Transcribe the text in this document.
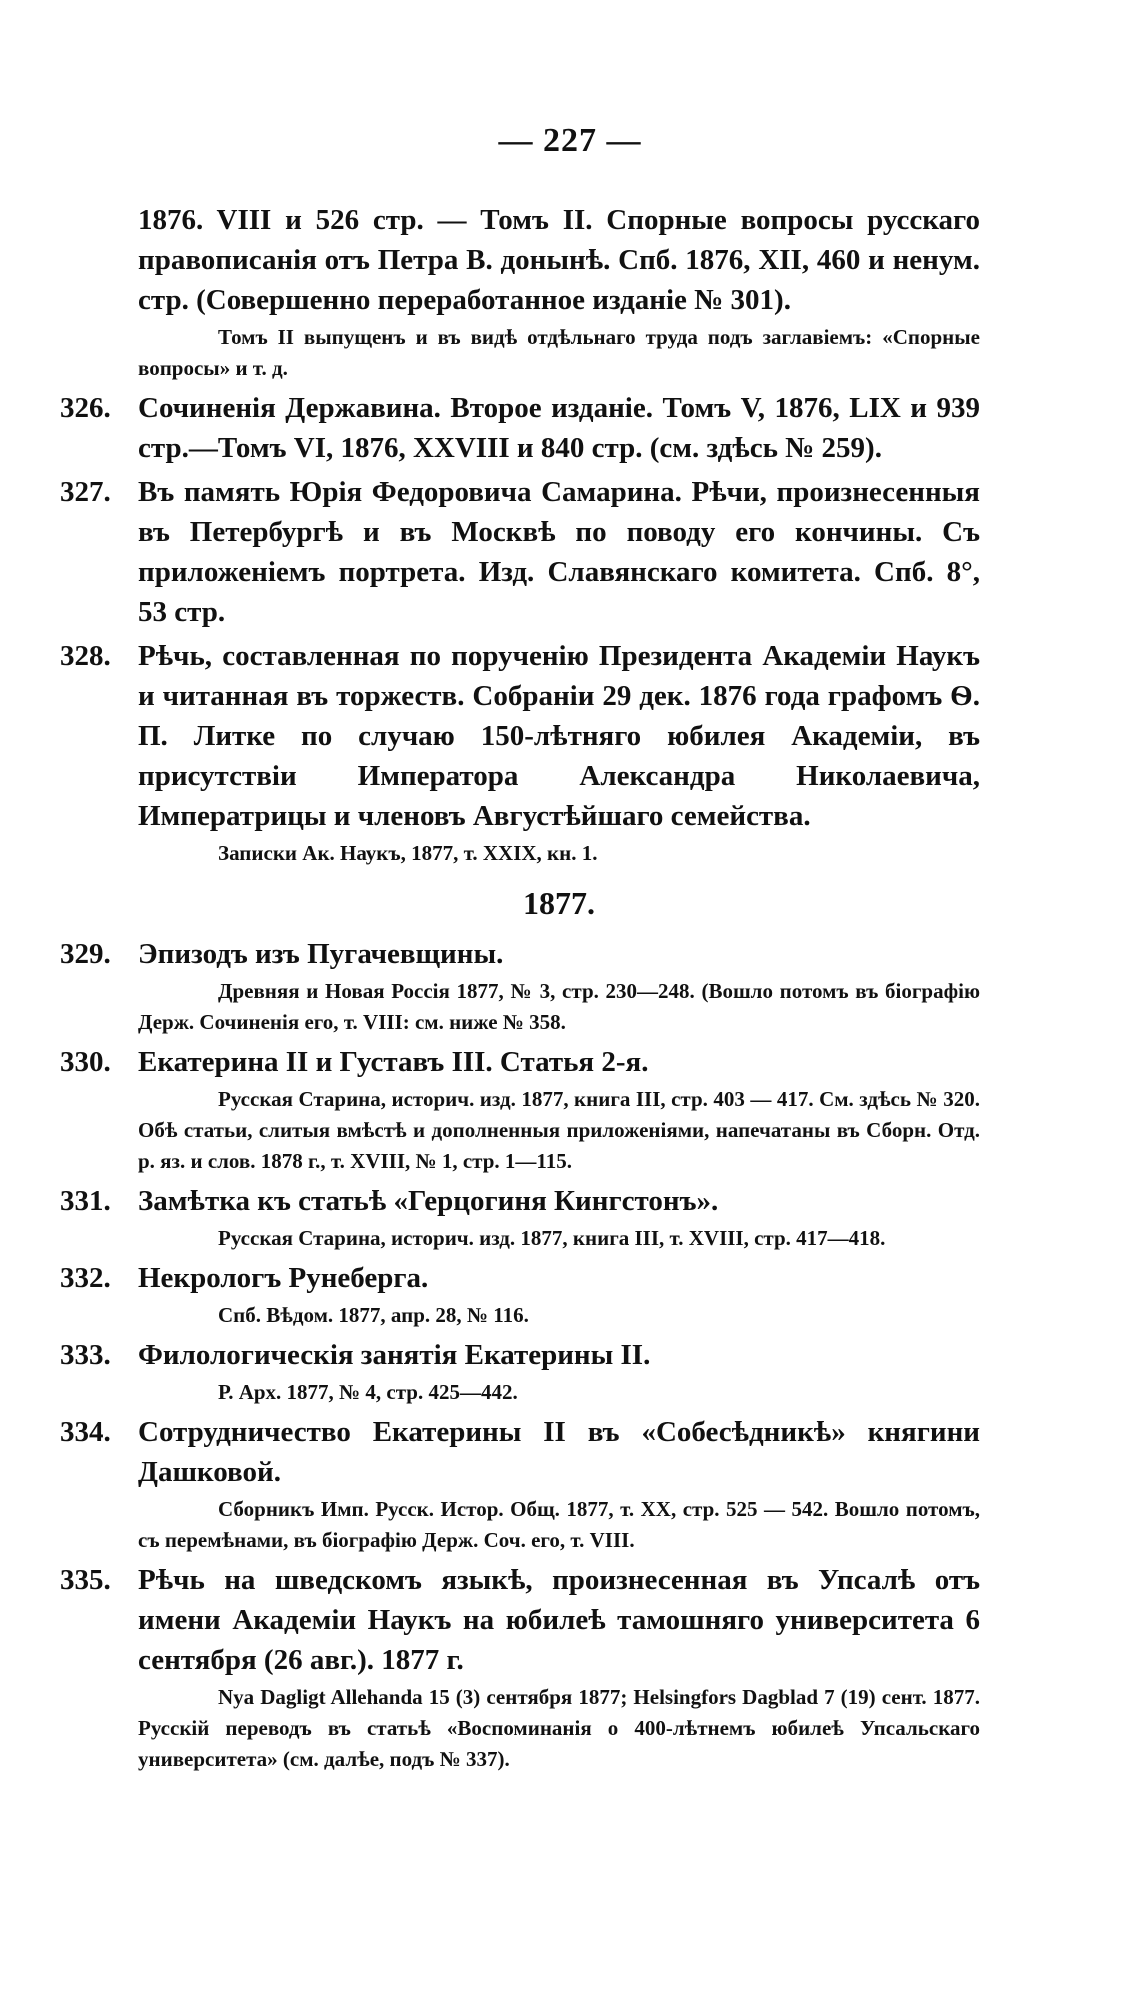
— 227 —
1876. VIII и 526 стр. — Томъ II. Спорные вопросы русскаго правописанія отъ Петра В. донынѣ. Спб. 1876, XII, 460 и ненум. стр. (Совершенно переработанное изданіе № 301).
Томъ II выпущенъ и въ видѣ отдѣльнаго труда подъ заглавіемъ: «Спорные вопросы» и т. д.
326. Сочиненія Державина. Второе изданіе. Томъ V, 1876, LIX и 939 стр.—Томъ VI, 1876, XXVIII и 840 стр. (см. здѣсь № 259).
327. Въ память Юрія Федоровича Самарина. Рѣчи, произнесенныя въ Петербургѣ и въ Москвѣ по поводу его кончины. Съ приложеніемъ портрета. Изд. Славянскаго комитета. Спб. 8°, 53 стр.
328. Рѣчь, составленная по порученію Президента Академіи Наукъ и читанная въ торжеств. Собраніи 29 дек. 1876 года графомъ Ѳ. П. Литке по случаю 150-лѣтняго юбилея Академіи, въ присутствіи Императора Александра Николаевича, Императрицы и членовъ Августѣйшаго семейства.
Записки Ак. Наукъ, 1877, т. XXIX, кн. 1.
1877.
329. Эпизодъ изъ Пугачевщины.
Древняя и Новая Россія 1877, № 3, стр. 230—248. (Вошло потомъ въ біографію Держ. Сочиненія его, т. VIII: см. ниже № 358.
330. Екатерина II и Густавъ III. Статья 2-я.
Русская Старина, историч. изд. 1877, книга III, стр. 403 — 417. См. здѣсь № 320. Обѣ статьи, слитыя вмѣстѣ и дополненныя приложеніями, напечатаны въ Сборн. Отд. р. яз. и слов. 1878 г., т. XVIII, № 1, стр. 1—115.
331. Замѣтка къ статьѣ «Герцогиня Кингстонъ».
Русская Старина, историч. изд. 1877, книга III, т. XVIII, стр. 417—418.
332. Некрологъ Рунеберга.
Спб. Вѣдом. 1877, апр. 28, № 116.
333. Филологическія занятія Екатерины II.
Р. Арх. 1877, № 4, стр. 425—442.
334. Сотрудничество Екатерины II въ «Собесѣдникѣ» княгини Дашковой.
Сборникъ Имп. Русск. Истор. Общ. 1877, т. XX, стр. 525 — 542. Вошло потомъ, съ перемѣнами, въ біографію Держ. Соч. его, т. VIII.
335. Рѣчь на шведскомъ языкѣ, произнесенная въ Упсалѣ отъ имени Академіи Наукъ на юбилеѣ тамошняго университета 6 сентября (26 авг.). 1877 г.
Nya Dagligt Allehanda 15 (3) сентября 1877; Helsingfors Dagblad 7 (19) сент. 1877. Русскій переводъ въ статьѣ «Воспоминанія о 400-лѣтнемъ юбилеѣ Упсальскаго университета» (см. далѣе, подъ № 337).
